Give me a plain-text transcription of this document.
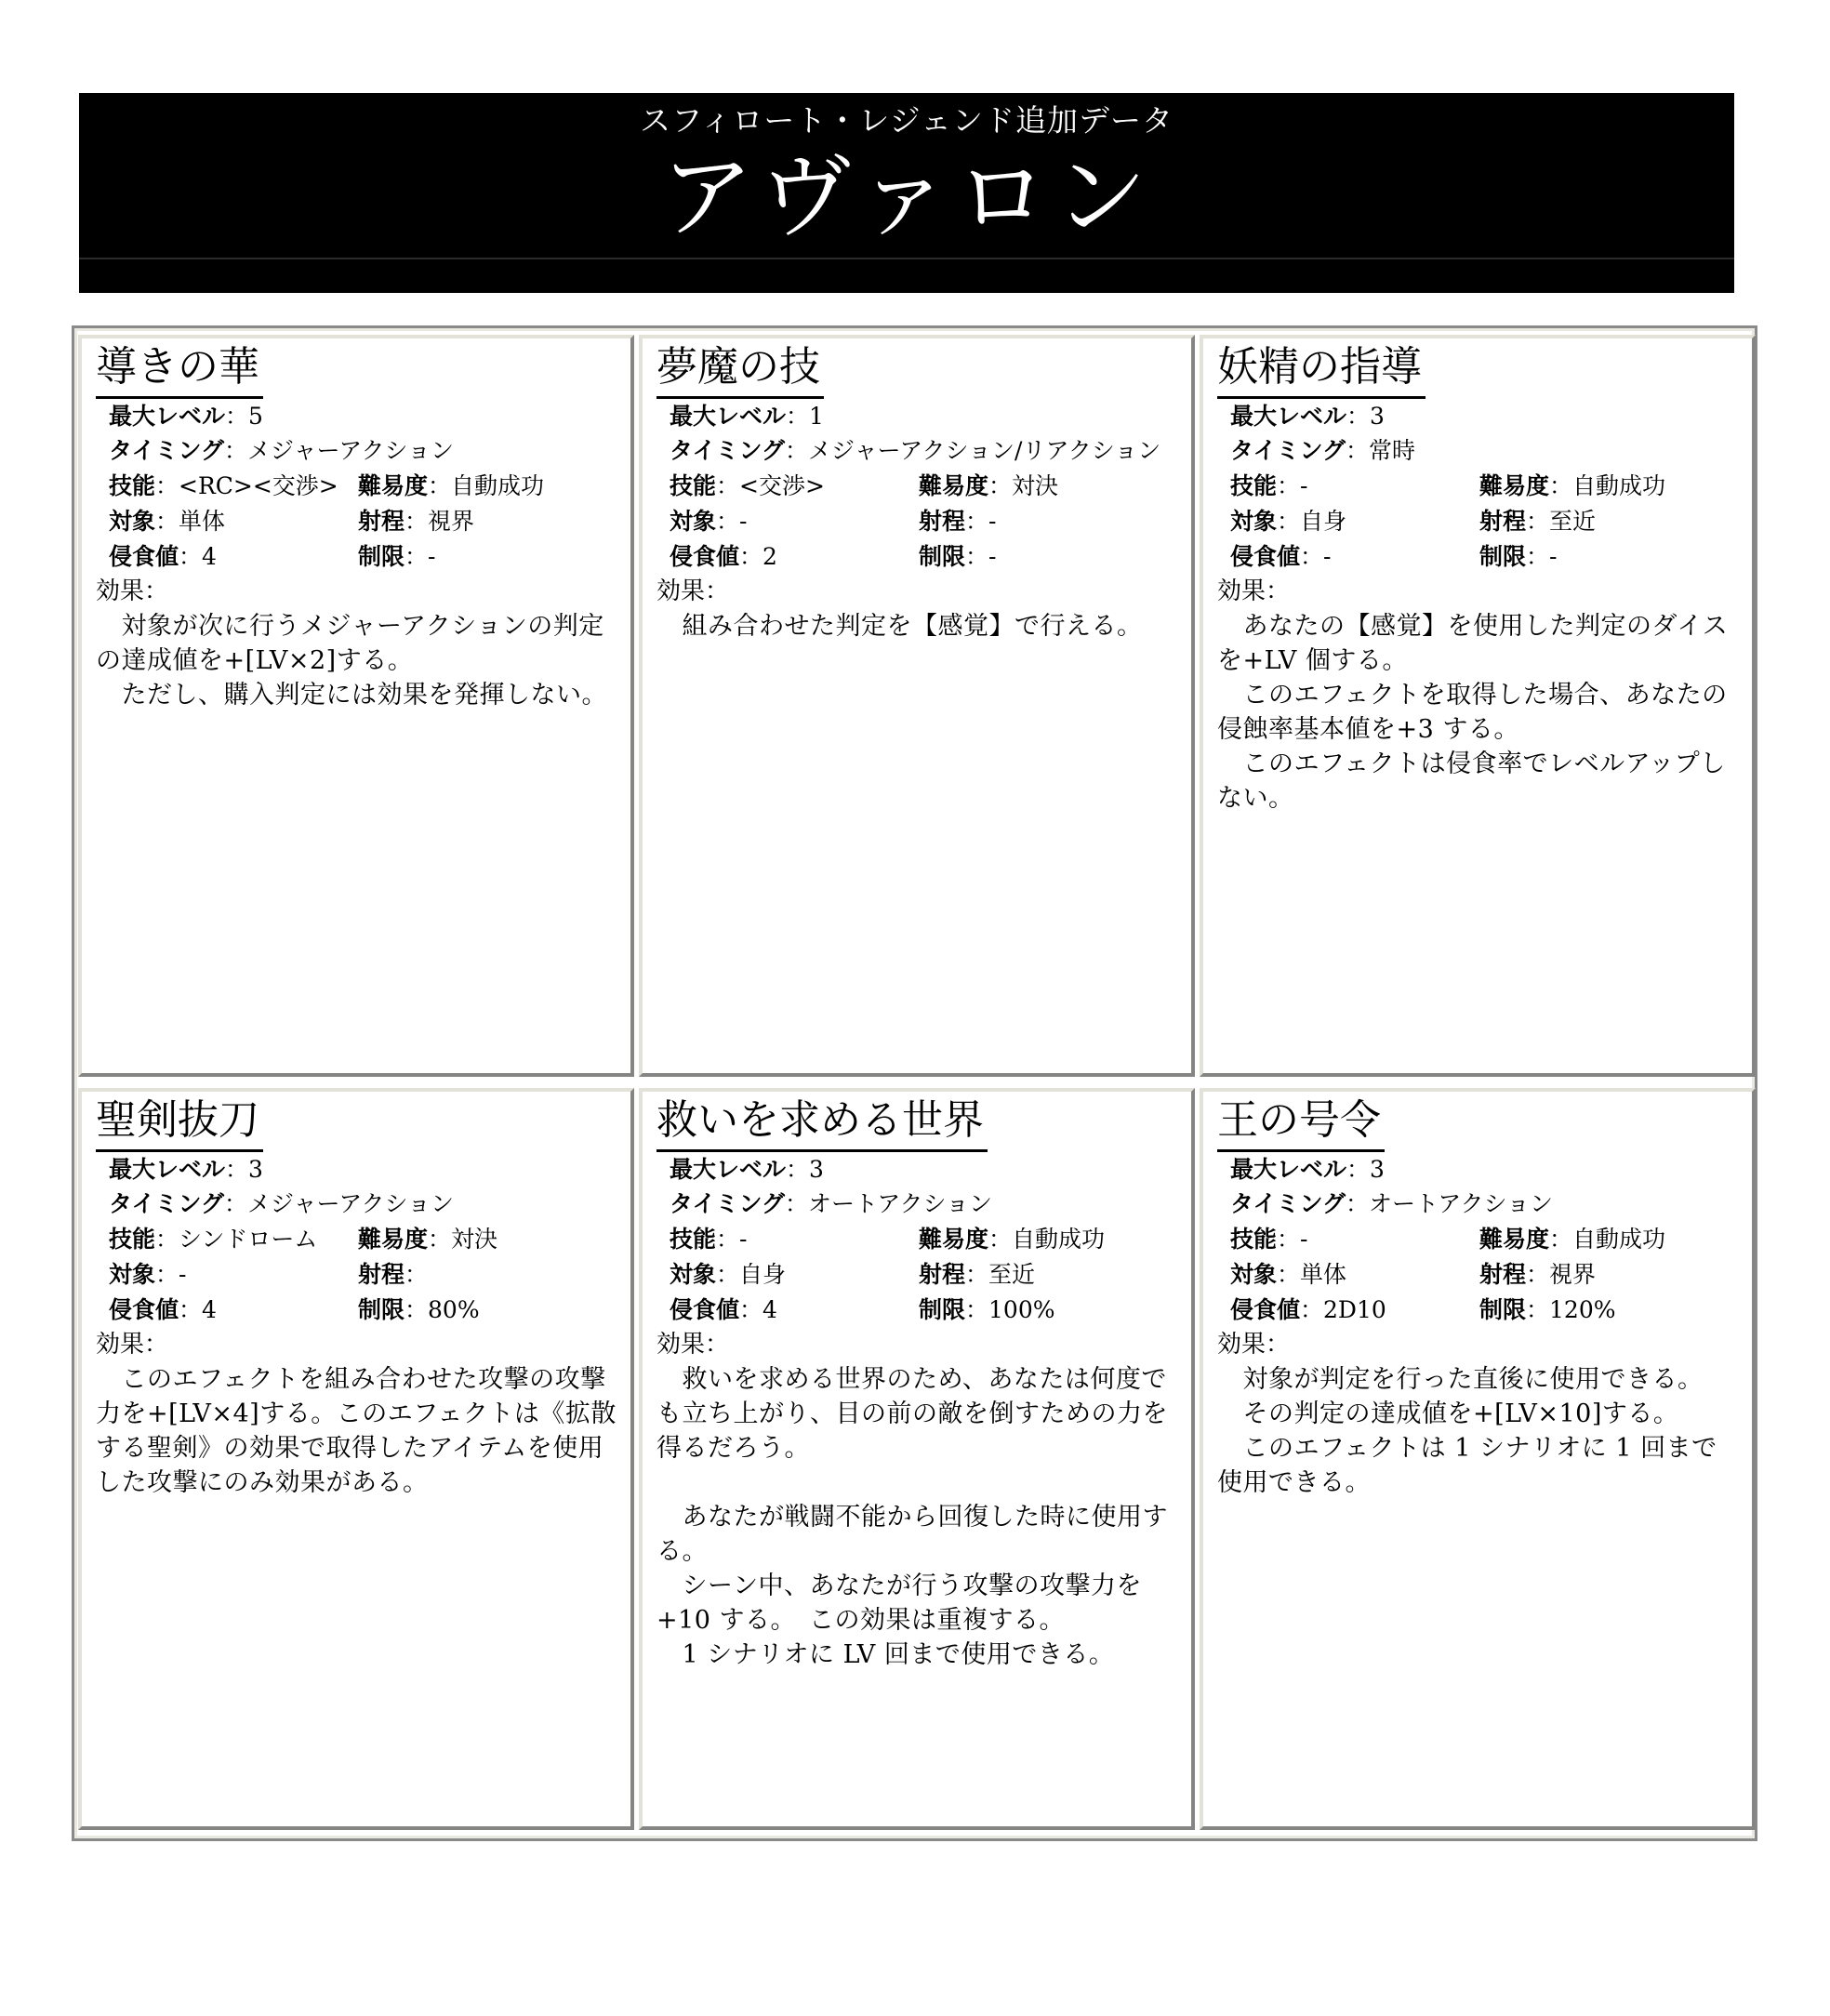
スフィロート・レジェンド追加データ
アヴァロン
導きの華
最大レベル ：5
タイミング：メジャーアクション
技能：<RC><交渉> 難易度：自動成功
対象：単体	射程：視界
侵食値：4	制限：-
効果：
　対象が次に行うメジャーアクションの判定の達成値を+[LV×2]する。
　ただし、購入判定には効果を発揮しない。
夢魔の技
最大レベル ：1
タイミング：メジャーアクション/リアクション
技能：<交渉>	難易度：対決
対象：-	射程：-
侵食値：2	制限：-
効果：
　組み合わせた判定を【感覚】で行える。
妖精の指導
最大レベル ：3
タイミング：常時
技能：-	難易度：自動成功
対象：自身	射程：至近
侵食値：-	制限：-
効果：
　あなたの【感覚】を使用した判定のダイスを+LV 個する。
　このエフェクトを取得した場合、あなたの侵蝕率基本値を+3 する。
　このエフェクトは侵食率でレベルアップしない。
聖剣抜刀
最大レベル ：3
タイミング：メジャーアクション
技能：シンドローム	難易度：対決
対象：-	射程：
侵食値：4	制限：80%
効果：
　このエフェクトを組み合わせた攻撃の攻撃力を+[LV×4]する。このエフェクトは《拡散する聖剣》の効果で取得したアイテムを使用した攻撃にのみ効果がある。
救いを求める世界
最大レベル ：3
タイミング：オートアクション
技能：-	難易度：自動成功
対象：自身	射程：至近
侵食値：4	制限：100%
効果：
　救いを求める世界のため、あなたは何度でも立ち上がり、目の前の敵を倒すための力を得るだろう。

　あなたが戦闘不能から回復した時に使用する。
　シーン中、あなたが行う攻撃の攻撃力を+10 する。　この効果は重複する。
　1 シナリオに LV 回まで使用できる。
王の号令
最大レベル ：3
タイミング：オートアクション
技能：-	難易度：自動成功
対象：単体	射程：視界
侵食値：2D10	制限：120%
効果：
　対象が判定を行った直後に使用できる。
　その判定の達成値を+[LV×10]する。
　このエフェクトは 1 シナリオに 1 回まで使用できる。
